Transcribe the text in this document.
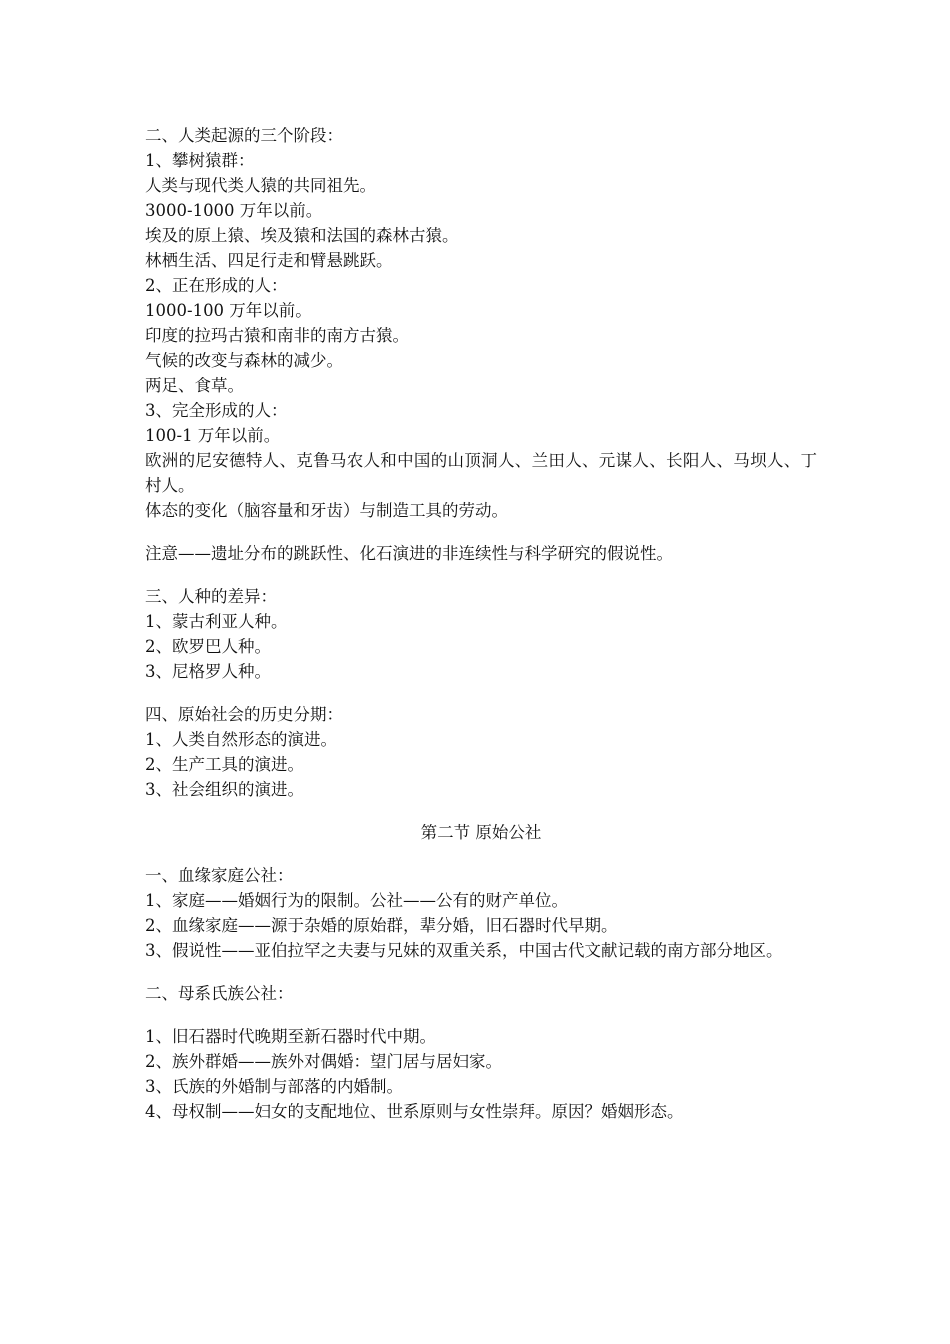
二、人类起源的三个阶段：
1、攀树猿群：
人类与现代类人猿的共同祖先。
3000-1000 万年以前。
埃及的原上猿、埃及猿和法国的森林古猿。
林栖生活、四足行走和臂悬跳跃。
2、正在形成的人：
1000-100 万年以前。
印度的拉玛古猿和南非的南方古猿。
气候的改变与森林的减少。
两足、食草。
3、完全形成的人：
100-1 万年以前。
欧洲的尼安德特人、克鲁马农人和中国的山顶洞人、兰田人、元谋人、长阳人、马坝人、丁村人。
体态的变化（脑容量和牙齿）与制造工具的劳动。
注意——遗址分布的跳跃性、化石演进的非连续性与科学研究的假说性。
三、人种的差异：
1、蒙古利亚人种。
2、欧罗巴人种。
3、尼格罗人种。
四、原始社会的历史分期：
1、人类自然形态的演进。
2、生产工具的演进。
3、社会组织的演进。
第二节 原始公社
一、血缘家庭公社：
1、家庭——婚姻行为的限制。公社——公有的财产单位。
2、血缘家庭——源于杂婚的原始群，辈分婚，旧石器时代早期。
3、假说性——亚伯拉罕之夫妻与兄妹的双重关系，中国古代文献记载的南方部分地区。
二、母系氏族公社：
1、旧石器时代晚期至新石器时代中期。
2、族外群婚——族外对偶婚：望门居与居妇家。
3、氏族的外婚制与部落的内婚制。
4、母权制——妇女的支配地位、世系原则与女性崇拜。原因？婚姻形态。
